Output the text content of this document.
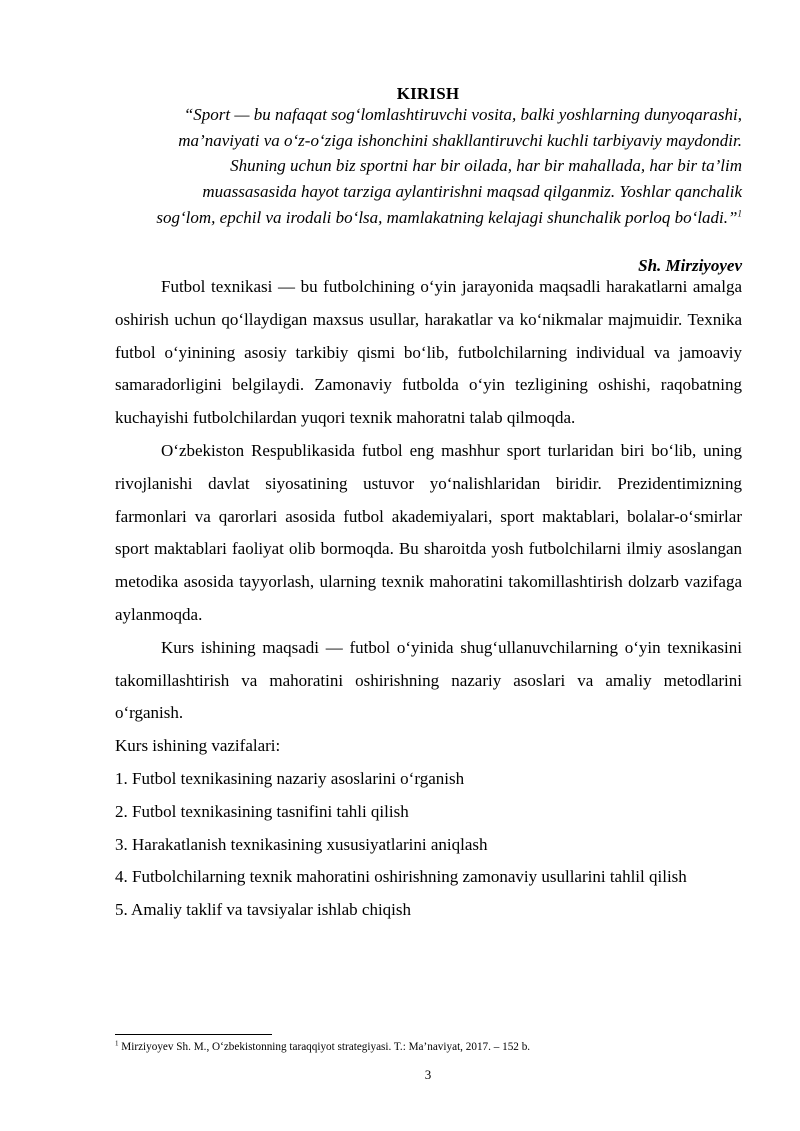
KIRISH
“Sport — bu nafaqat sog‘lomlashtiruvchi vosita, balki yoshlarning dunyoqarashi, ma’naviyati va o‘z-o‘ziga ishonchini shakllantiruvchi kuchli tarbiyaviy maydondir. Shuning uchun biz sportni har bir oilada, har bir mahallada, har bir ta’lim muassasasida hayot tarziga aylantirishni maqsad qilganmiz. Yoshlar qanchalik sog‘lom, epchil va irodali bo‘lsa, mamlakatning kelajagi shunchalik porloq bo‘ladi.”$^1$
Sh. Mirziyoyev

Futbol texnikasi — bu futbolchining o‘yin jarayonida maqsadli harakatlarni amalga oshirish uchun qo‘llaydigan maxsus usullar, harakatlar va ko‘nikmalar majmuidir. Texnika futbol o‘yinining asosiy tarkibiy qismi bo‘lib, futbolchilarning individual va jamoaviy samaradorligini belgilaydi. Zamonaviy futbolda o‘yin tezligining oshishi, raqobatning kuchayishi futbolchilardan yuqori texnik mahoratni talab qilmoqda.

O‘zbekiston Respublikasida futbol eng mashhur sport turlaridan biri bo‘lib, uning rivojlanishi davlat siyosatining ustuvor yo‘nalishlaridan biridir. Prezidentimizning farmonlari va qarorlari asosida futbol akademiyalari, sport maktablari, bolalar-o‘smirlar sport maktablari faoliyat olib bormoqda. Bu sharoitda yosh futbolchilarni ilmiy asoslangan metodika asosida tayyorlash, ularning texnik mahoratini takomillashtirish dolzarb vazifaga aylanmoqda.

Kurs ishining maqsadi — futbol o‘yinida shug‘ullanuvchilarning o‘yin texnikasini takomillashtirish va mahoratini oshirishning nazariy asoslari va amaliy metodlarini o‘rganish.

Kurs ishining vazifalari:
1. Futbol texnikasining nazariy asoslarini o‘rganish
2. Futbol texnikasining tasnifini tahli qilish
3. Harakatlanish texnikasining xususiyatlarini aniqlash
4. Futbolchilarning texnik mahoratini oshirishning zamonaviy usullarini tahlil qilish
5. Amaliy taklif va tavsiyalar ishlab chiqish
$^1$ Mirziyoyev Sh. M., O‘zbekistonning taraqqiyot strategiyasi. T.: Ma’naviyat, 2017. – 152 b.
3
